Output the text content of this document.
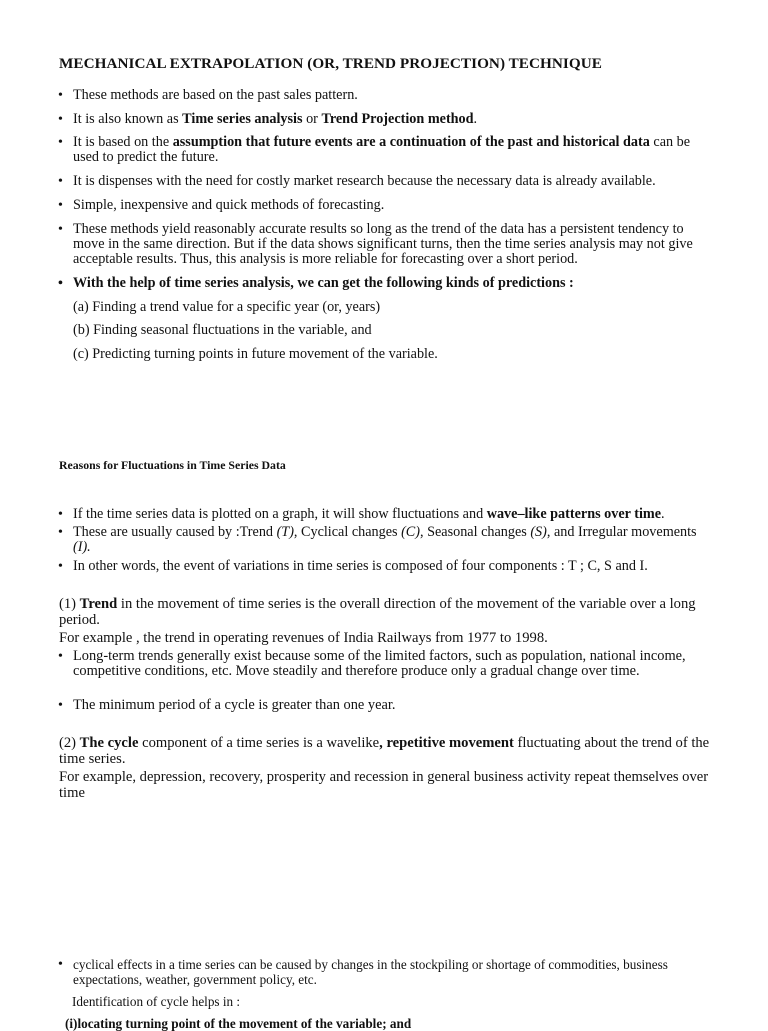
MECHANICAL EXTRAPOLATION (OR, TREND PROJECTION) TECHNIQUE
• These methods are based on the past sales pattern.
• It is also known as Time series analysis or Trend Projection method.
• It is based on the assumption that future events are a continuation of the past and historical data can be used to predict the future.
• It is dispenses with the need for costly market research because the necessary data is already available.
• Simple, inexpensive and quick methods of forecasting.
• These methods yield reasonably accurate results so long as the trend of the data has a persistent tendency to move in the same direction. But if the data shows significant turns, then the time series analysis may not give acceptable results. Thus, this analysis is more reliable for forecasting over a short period.
• With the help of time series analysis, we can get the following kinds of predictions :
(a) Finding a trend value for a specific year (or, years)
(b) Finding seasonal fluctuations in the variable, and
(c) Predicting turning points in future movement of the variable.
Reasons for Fluctuations in Time Series Data
• If the time series data is plotted on a graph, it will show fluctuations and wave–like patterns over time.
• These are usually caused by :Trend (T), Cyclical changes (C), Seasonal changes (S), and Irregular movements (I).
• In other words, the event of variations in time series is composed of four components : T ; C, S and I.
(1) Trend in the movement of time series is the overall direction of the movement of the variable over a long period.
For example , the trend in operating revenues of India Railways from 1977 to 1998.
• Long-term trends generally exist because some of the limited factors, such as population, national income, competitive conditions, etc. Move steadily and therefore produce only a gradual change over time.
• The minimum period of a cycle is greater than one year.
(2) The cycle component of a time series is a wavelike, repetitive movement fluctuating about the trend of the time series.
For example, depression, recovery, prosperity and recession in general business activity repeat themselves over time
• cyclical effects in a time series can be caused by changes in the stockpiling or shortage of commodities, business expectations, weather, government policy, etc.
Identification of cycle helps in :
(i)locating turning point of the movement of the variable; and
